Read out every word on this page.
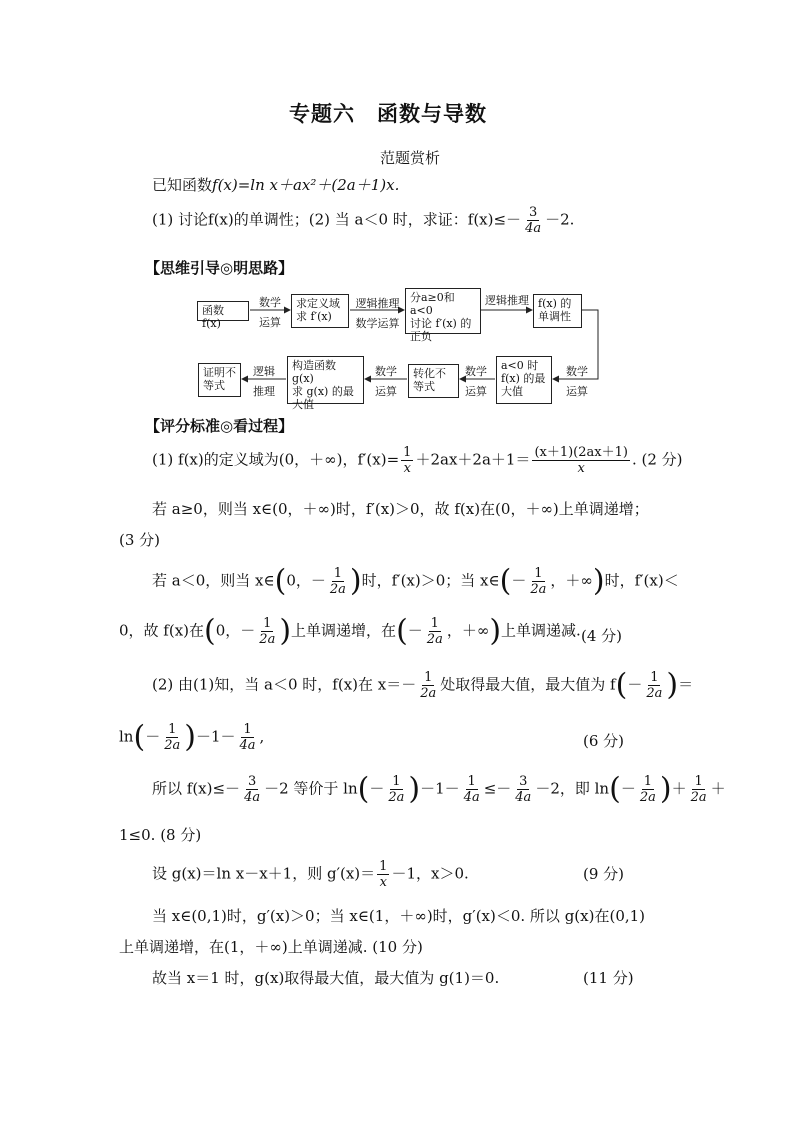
专题六　函数与导数
范题赏析
已知函数f(x)=ln x＋ax²＋(2a＋1)x.
(1) 讨论f(x)的单调性；(2) 当 a＜0 时，求证：$f(x)\le- \frac{3}{4a} -2$.
【思维引导◎明思路】
函数 f(x)
求定义域
求 f′(x)
分a≥0和a<0
讨论 f′(x) 的
正负
f(x) 的
单调性
a<0 时
f(x) 的最
大值
转化不
等式
构造函数 g(x)
求 g(x) 的最
大值
证明不
等式
数学
运算
逻辑推理
数学运算
逻辑推理
数学
运算
数学
运算
数学
运算
逻辑
推理
【评分标准◎看过程】
(1) f(x)的定义域为(0，＋∞)，$f'(x)= \frac{1}{x} +2ax+2a+1= \frac{(x+1)(2ax+1)}{x}$ . (2 分)
若 a≥0，则当 x∈(0，＋∞)时，f′(x)＞0，故 f(x)在(0，＋∞)上单调递增；
(3 分)
若 a＜0，则当 x∈(0，－ $\frac{1}{2a}$ )时，f′(x)＞0；当 x∈(－ $\frac{1}{2a}$ ，＋∞)时，f′(x)＜
0，故 f(x)在(0，－ $\frac{1}{2a}$ )上单调递增，在(－ $\frac{1}{2a}$ ，＋∞)上单调递减. (4 分)
(2) 由(1)知，当 a＜0 时，f(x)在 $x=- \frac{1}{2a}$ 处取得最大值，最大值为 $f(- \frac{1}{2a}$ )＝
$\ln(- \frac{1}{2a} )-1- \frac{1}{4a}$ ,	(6 分)
所以 $f(x)\le- \frac{3}{4a} -2$ 等价于 $\ln(- \frac{1}{2a} )-1- \frac{1}{4a} \le- \frac{3}{4a} -2$，即 $\ln(- \frac{1}{2a}$ )＋ $\frac{1}{2a}$ ＋
1≤0. (8 分)
设 g(x)＝ln x－x＋1，则 $g'(x)= \frac{1}{x} -1$，x＞0.	(9 分)
当 x∈(0,1)时，g′(x)＞0；当 x∈(1，＋∞)时，g′(x)＜0. 所以 g(x)在(0,1)
上单调递增，在(1，＋∞)上单调递减. (10 分)
故当 x＝1 时，g(x)取得最大值，最大值为 g(1)＝0.	(11 分)
